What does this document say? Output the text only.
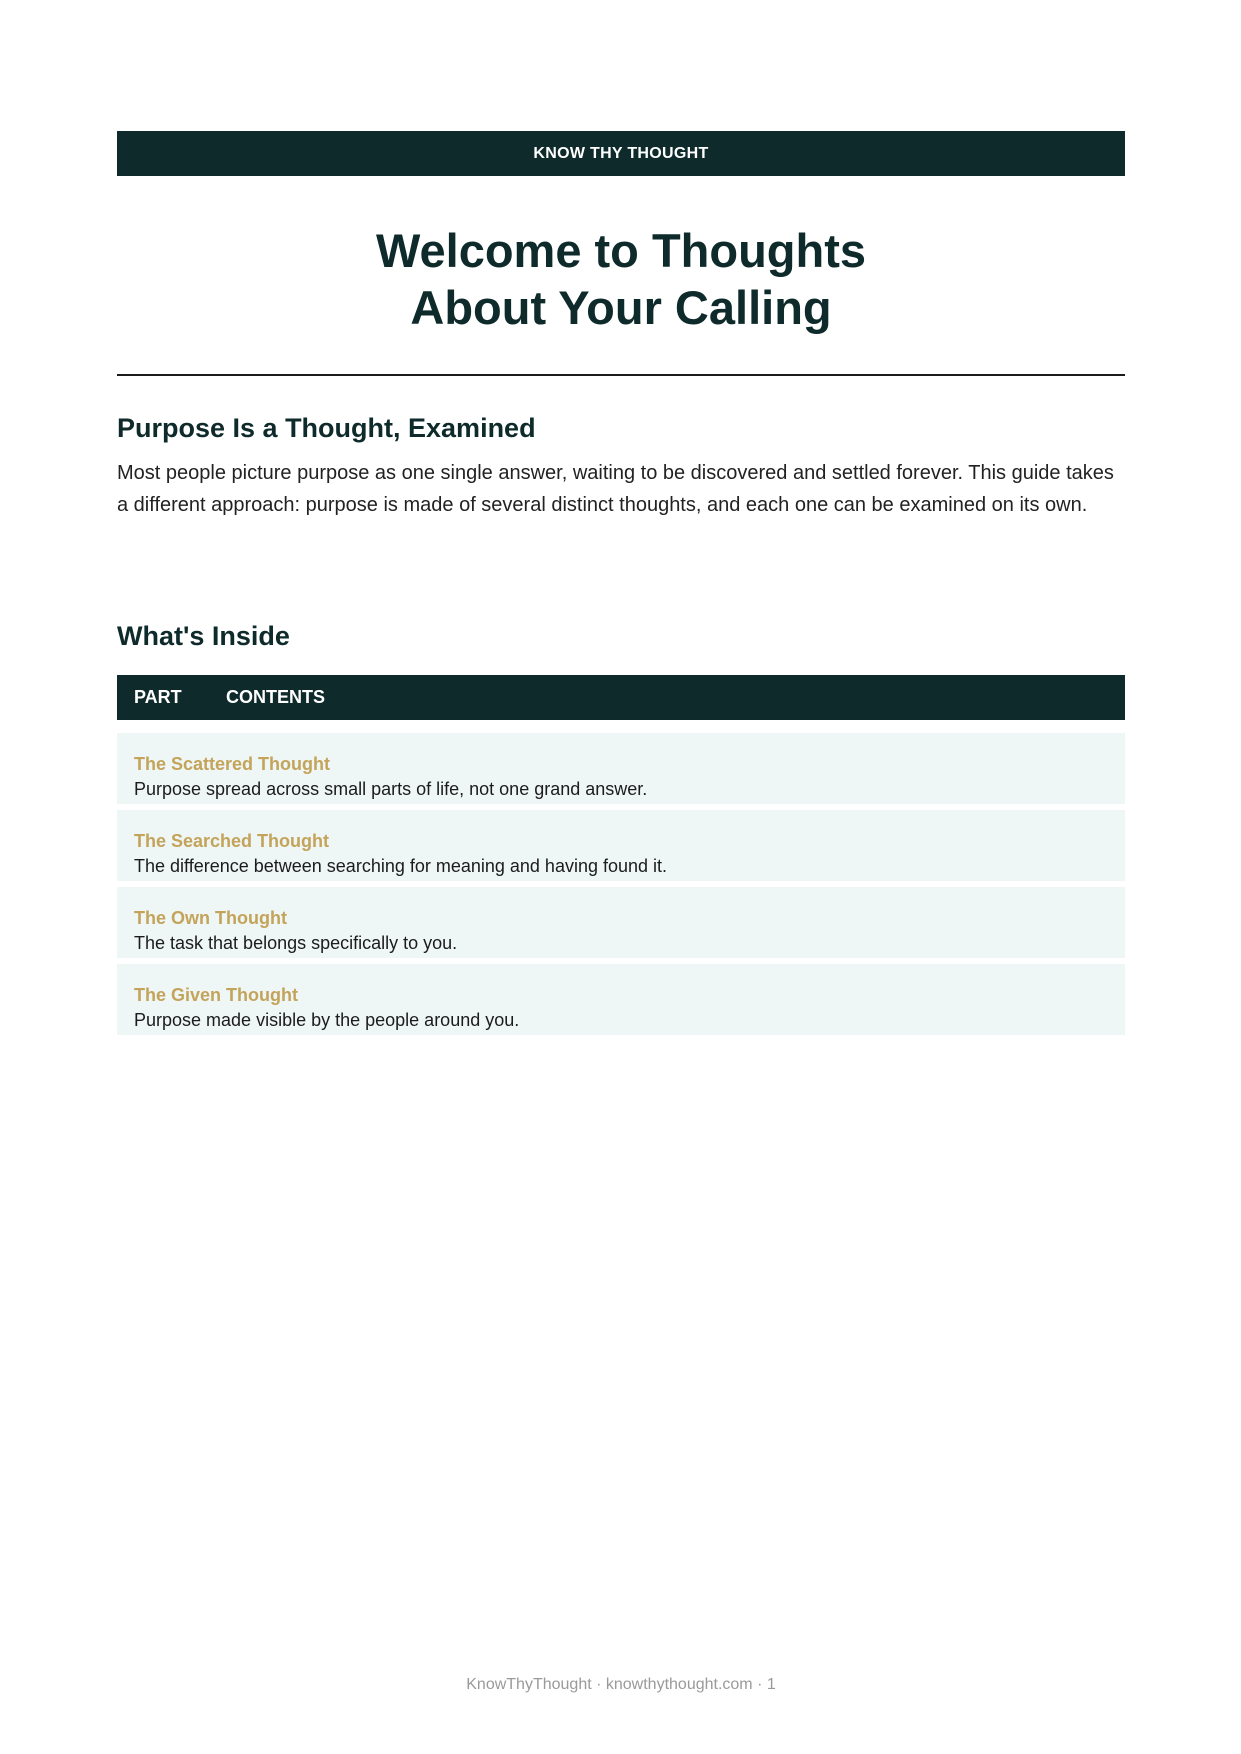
KNOW THY THOUGHT
Welcome to Thoughts
About Your Calling
Purpose Is a Thought, Examined

Most people picture purpose as one single answer, waiting to be discovered and settled forever. This guide takes a different approach: purpose is made of several distinct thoughts, and each one can be examined on its own.

What's Inside
PART CONTENTS
The Scattered Thought
Purpose spread across small parts of life, not one grand answer.
The Searched Thought
The difference between searching for meaning and having found it.
The Own Thought
The task that belongs specifically to you.
The Given Thought
Purpose made visible by the people around you.
KnowThyThought · knowthythought.com · 1
